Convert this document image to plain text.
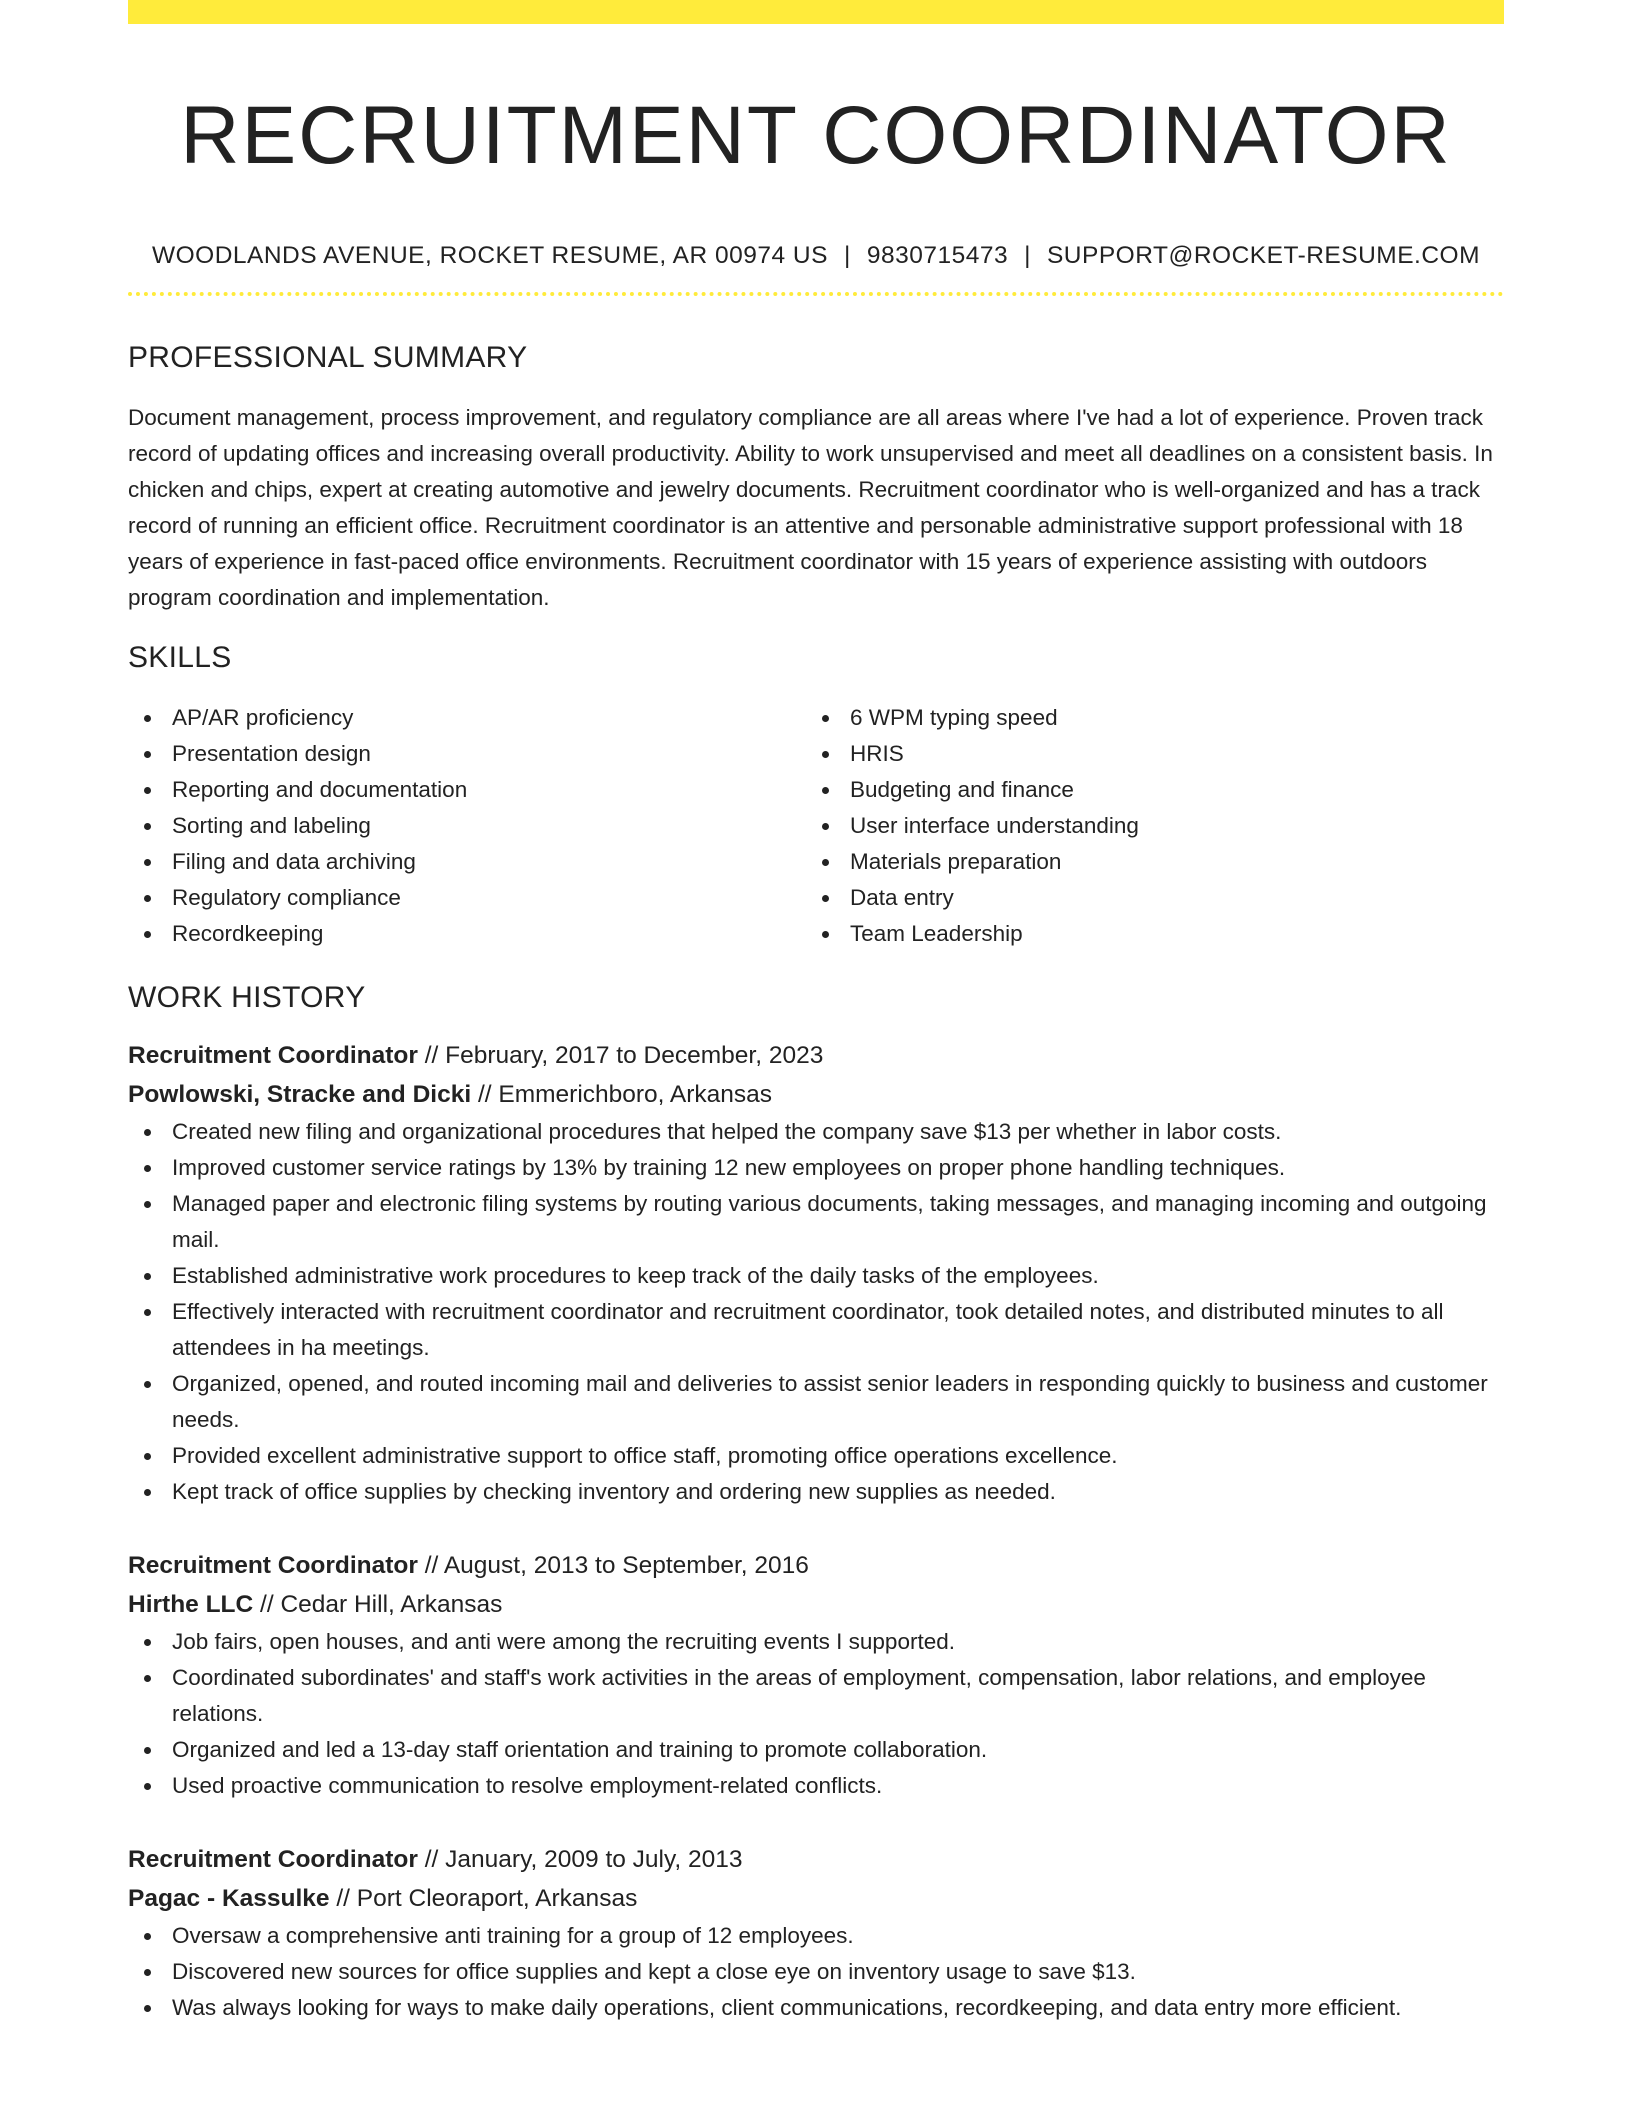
RECRUITMENT COORDINATOR
WOODLANDS AVENUE, ROCKET RESUME, AR 00974 US | 9830715473 | SUPPORT@ROCKET-RESUME.COM
PROFESSIONAL SUMMARY
Document management, process improvement, and regulatory compliance are all areas where I've had a lot of experience. Proven track record of updating offices and increasing overall productivity. Ability to work unsupervised and meet all deadlines on a consistent basis. In chicken and chips, expert at creating automotive and jewelry documents. Recruitment coordinator who is well-organized and has a track record of running an efficient office. Recruitment coordinator is an attentive and personable administrative support professional with 18 years of experience in fast-paced office environments. Recruitment coordinator with 15 years of experience assisting with outdoors program coordination and implementation.
SKILLS
AP/AR proficiency
Presentation design
Reporting and documentation
Sorting and labeling
Filing and data archiving
Regulatory compliance
Recordkeeping
6 WPM typing speed
HRIS
Budgeting and finance
User interface understanding
Materials preparation
Data entry
Team Leadership
WORK HISTORY
Recruitment Coordinator // February, 2017 to December, 2023
Powlowski, Stracke and Dicki // Emmerichboro, Arkansas
Created new filing and organizational procedures that helped the company save $13 per whether in labor costs.
Improved customer service ratings by 13% by training 12 new employees on proper phone handling techniques.
Managed paper and electronic filing systems by routing various documents, taking messages, and managing incoming and outgoing mail.
Established administrative work procedures to keep track of the daily tasks of the employees.
Effectively interacted with recruitment coordinator and recruitment coordinator, took detailed notes, and distributed minutes to all attendees in ha meetings.
Organized, opened, and routed incoming mail and deliveries to assist senior leaders in responding quickly to business and customer needs.
Provided excellent administrative support to office staff, promoting office operations excellence.
Kept track of office supplies by checking inventory and ordering new supplies as needed.
Recruitment Coordinator // August, 2013 to September, 2016
Hirthe LLC // Cedar Hill, Arkansas
Job fairs, open houses, and anti were among the recruiting events I supported.
Coordinated subordinates' and staff's work activities in the areas of employment, compensation, labor relations, and employee relations.
Organized and led a 13-day staff orientation and training to promote collaboration.
Used proactive communication to resolve employment-related conflicts.
Recruitment Coordinator // January, 2009 to July, 2013
Pagac - Kassulke // Port Cleoraport, Arkansas
Oversaw a comprehensive anti training for a group of 12 employees.
Discovered new sources for office supplies and kept a close eye on inventory usage to save $13.
Was always looking for ways to make daily operations, client communications, recordkeeping, and data entry more efficient.
